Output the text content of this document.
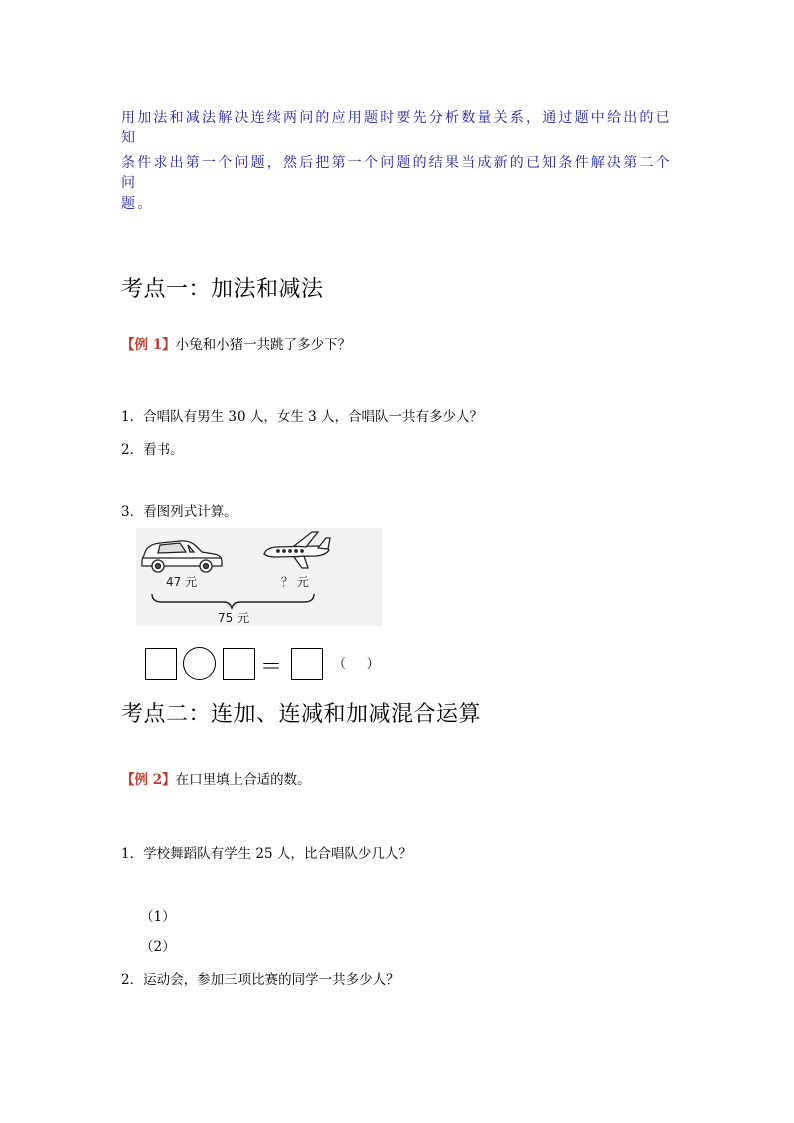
用加法和减法解决连续两问的应用题时要先分析数量关系，通过题中给出的已知
条件求出第一个问题，然后把第一个问题的结果当成新的已知条件解决第二个问
题。
考点一：加法和减法
【例 1】小兔和小猪一共跳了多少下？
1．合唱队有男生 30 人，女生 3 人，合唱队一共有多少人？
2．看书。
3．看图列式计算。
47 元	？ 元
75 元
＝	（     ）
考点二：连加、连减和加减混合运算
【例 2】在口里填上合适的数。
1．学校舞蹈队有学生 25 人，比合唱队少几人？
（1）
（2）
2．运动会，参加三项比赛的同学一共多少人？
